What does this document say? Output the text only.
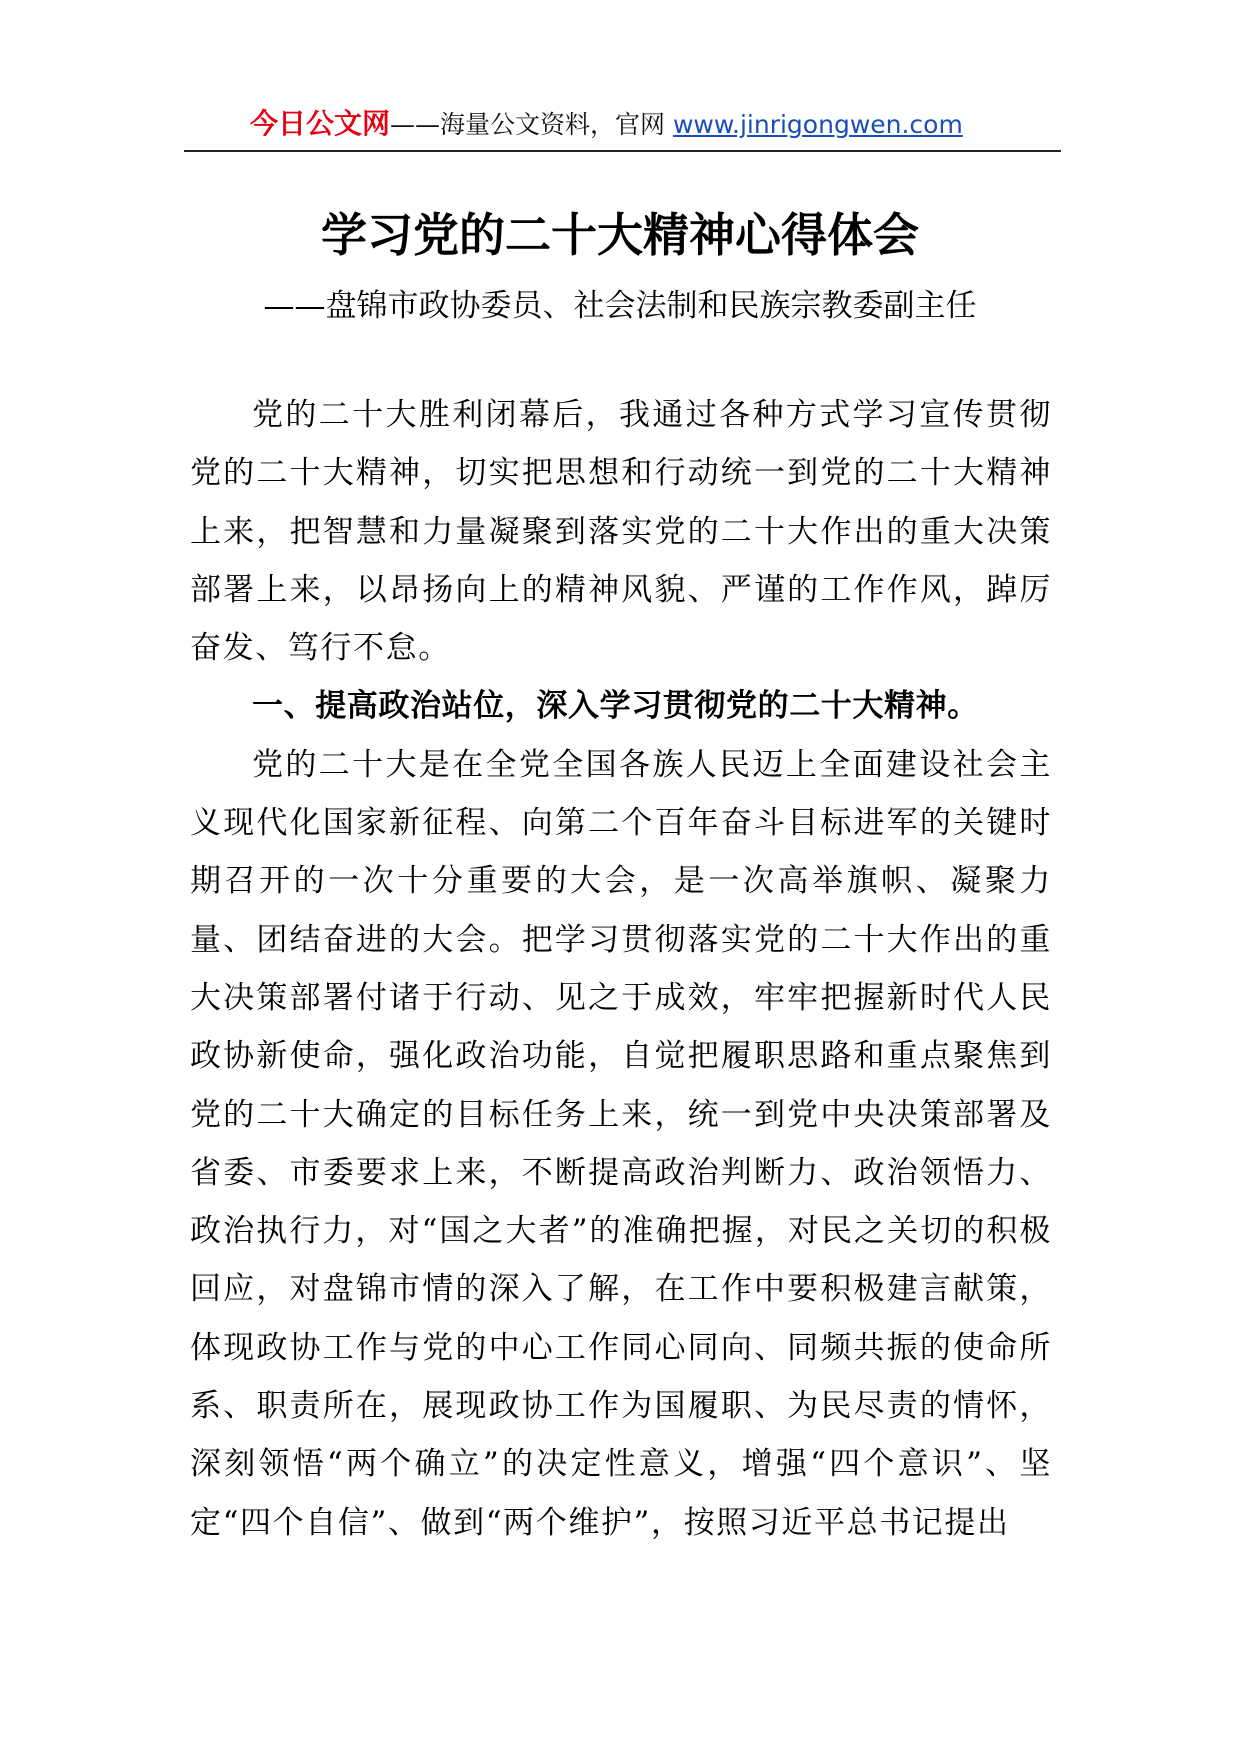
今日公文网——海量公文资料，官网 www.jinrigongwen.com
学习党的二十大精神心得体会
——盘锦市政协委员、社会法制和民族宗教委副主任

党的二十大胜利闭幕后，我通过各种方式学习宣传贯彻党的二十大精神，切实把思想和行动统一到党的二十大精神上来，把智慧和力量凝聚到落实党的二十大作出的重大决策部署上来，以昂扬向上的精神风貌、严谨的工作作风，踔厉奋发、笃行不怠。

一、提高政治站位，深入学习贯彻党的二十大精神。

党的二十大是在全党全国各族人民迈上全面建设社会主义现代化国家新征程、向第二个百年奋斗目标进军的关键时期召开的一次十分重要的大会，是一次高举旗帜、凝聚力量、团结奋进的大会。把学习贯彻落实党的二十大作出的重大决策部署付诸于行动、见之于成效，牢牢把握新时代人民政协新使命，强化政治功能，自觉把履职思路和重点聚焦到党的二十大确定的目标任务上来，统一到党中央决策部署及省委、市委要求上来，不断提高政治判断力、政治领悟力、政治执行力，对“国之大者”的准确把握，对民之关切的积极回应，对盘锦市情的深入了解，在工作中要积极建言献策，体现政协工作与党的中心工作同心同向、同频共振的使命所系、职责所在，展现政协工作为国履职、为民尽责的情怀，深刻领悟“两个确立”的决定性意义，增强“四个意识”、坚定“四个自信”、做到“两个维护”，按照习近平总书记提出
